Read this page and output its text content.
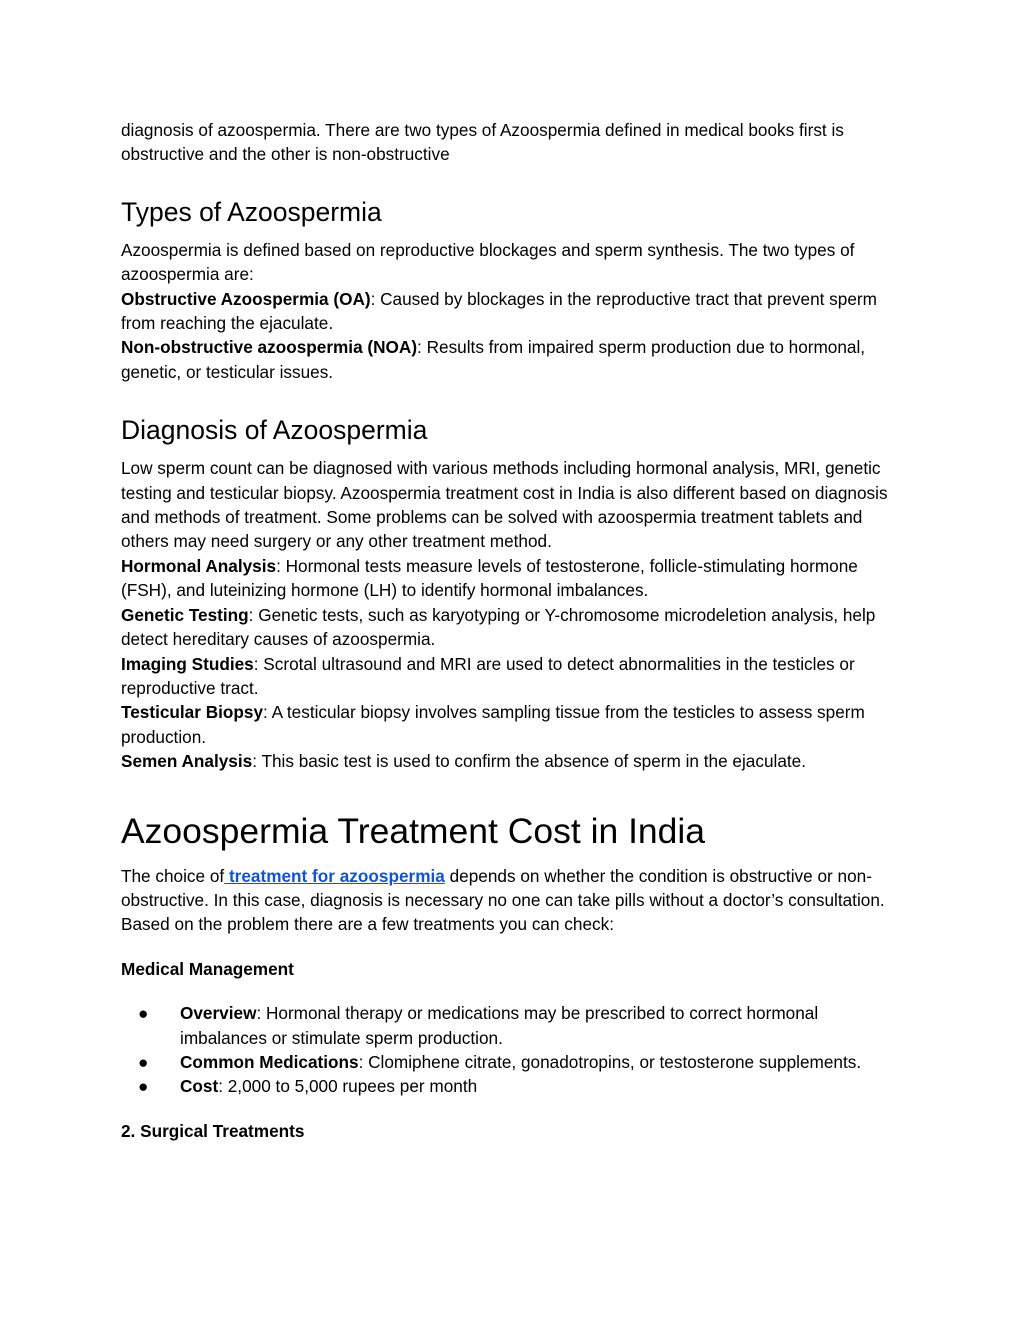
diagnosis of azoospermia. There are two types of Azoospermia defined in medical books first is obstructive and the other is non-obstructive

Types of Azoospermia

Azoospermia is defined based on reproductive blockages and sperm synthesis. The two types of azoospermia are:

Obstructive Azoospermia (OA): Caused by blockages in the reproductive tract that prevent sperm from reaching the ejaculate.

Non-obstructive azoospermia (NOA): Results from impaired sperm production due to hormonal, genetic, or testicular issues.

Diagnosis of Azoospermia

Low sperm count can be diagnosed with various methods including hormonal analysis, MRI, genetic testing and testicular biopsy. Azoospermia treatment cost in India is also different based on diagnosis and methods of treatment. Some problems can be solved with azoospermia treatment tablets and others may need surgery or any other treatment method.

Hormonal Analysis: Hormonal tests measure levels of testosterone, follicle-stimulating hormone (FSH), and luteinizing hormone (LH) to identify hormonal imbalances.

Genetic Testing: Genetic tests, such as karyotyping or Y-chromosome microdeletion analysis, help detect hereditary causes of azoospermia.

Imaging Studies: Scrotal ultrasound and MRI are used to detect abnormalities in the testicles or reproductive tract.

Testicular Biopsy: A testicular biopsy involves sampling tissue from the testicles to assess sperm production.

Semen Analysis: This basic test is used to confirm the absence of sperm in the ejaculate.

Azoospermia Treatment Cost in India

The choice of treatment for azoospermia depends on whether the condition is obstructive or non-obstructive. In this case, diagnosis is necessary no one can take pills without a doctor’s consultation. Based on the problem there are a few treatments you can check:

Medical Management

● Overview: Hormonal therapy or medications may be prescribed to correct hormonal imbalances or stimulate sperm production.
● Common Medications: Clomiphene citrate, gonadotropins, or testosterone supplements.
● Cost: 2,000 to 5,000 rupees per month

2. Surgical Treatments
